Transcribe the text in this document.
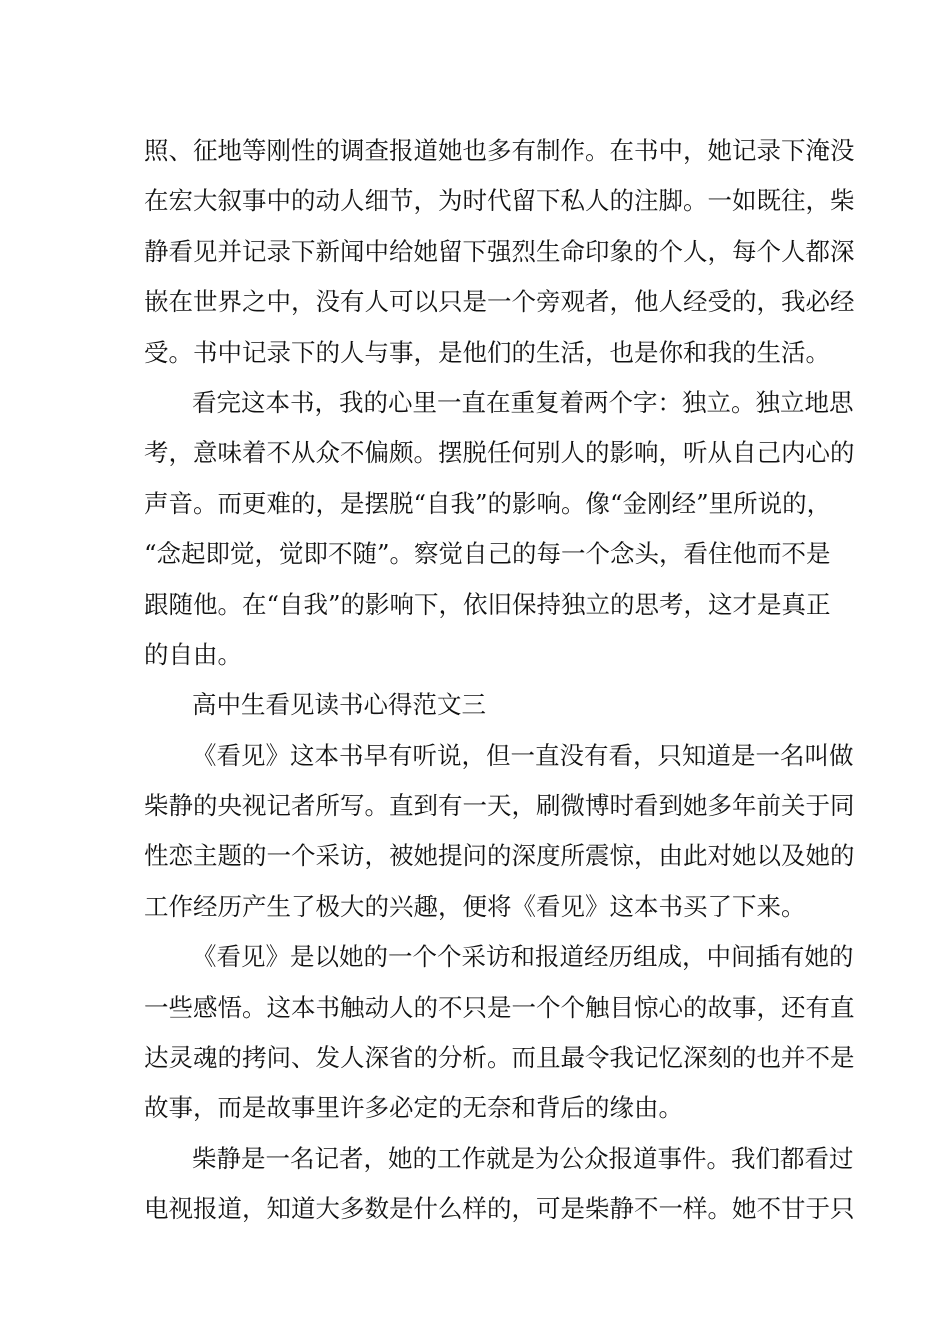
照、征地等刚性的调查报道她也多有制作。在书中，她记录下淹没
在宏大叙事中的动人细节，为时代留下私人的注脚。一如既往，柴
静看见并记录下新闻中给她留下强烈生命印象的个人，每个人都深
嵌在世界之中，没有人可以只是一个旁观者，他人经受的，我必经
受。书中记录下的人与事，是他们的生活，也是你和我的生活。
看完这本书，我的心里一直在重复着两个字：独立。独立地思
考，意味着不从众不偏颇。摆脱任何别人的影响，听从自己内心的
声音。而更难的，是摆脱“自我”的影响。像“金刚经”里所说的，
“念起即觉，觉即不随”。察觉自己的每一个念头，看住他而不是
跟随他。在“自我”的影响下，依旧保持独立的思考，这才是真正
的自由。
高中生看见读书心得范文三
《看见》这本书早有听说，但一直没有看，只知道是一名叫做
柴静的央视记者所写。直到有一天，刷微博时看到她多年前关于同
性恋主题的一个采访，被她提问的深度所震惊，由此对她以及她的
工作经历产生了极大的兴趣，便将《看见》这本书买了下来。
《看见》是以她的一个个采访和报道经历组成，中间插有她的
一些感悟。这本书触动人的不只是一个个触目惊心的故事，还有直
达灵魂的拷问、发人深省的分析。而且最令我记忆深刻的也并不是
故事，而是故事里许多必定的无奈和背后的缘由。
柴静是一名记者，她的工作就是为公众报道事件。我们都看过
电视报道，知道大多数是什么样的，可是柴静不一样。她不甘于只
